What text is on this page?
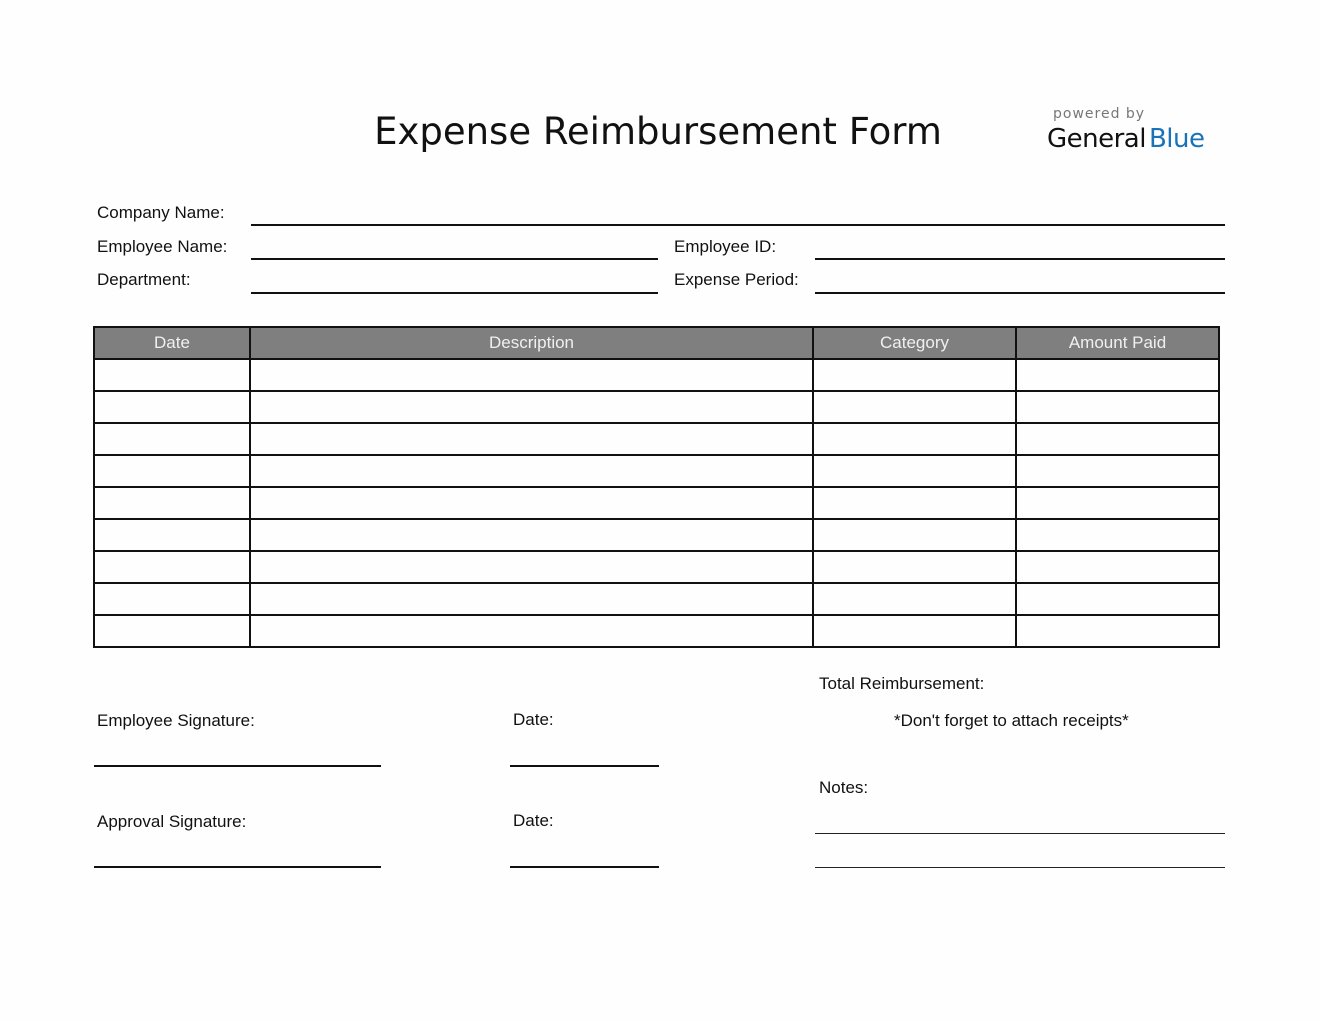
Expense Reimbursement Form	powered by
General Blue
Company Name:
Employee Name:
Department:
Employee ID:
Expense Period:
Date	Description	Category	Amount Paid

Total Reimbursement:
*Don't forget to attach receipts*
Notes:
Employee Signature:	Date:
Approval Signature:	Date:
